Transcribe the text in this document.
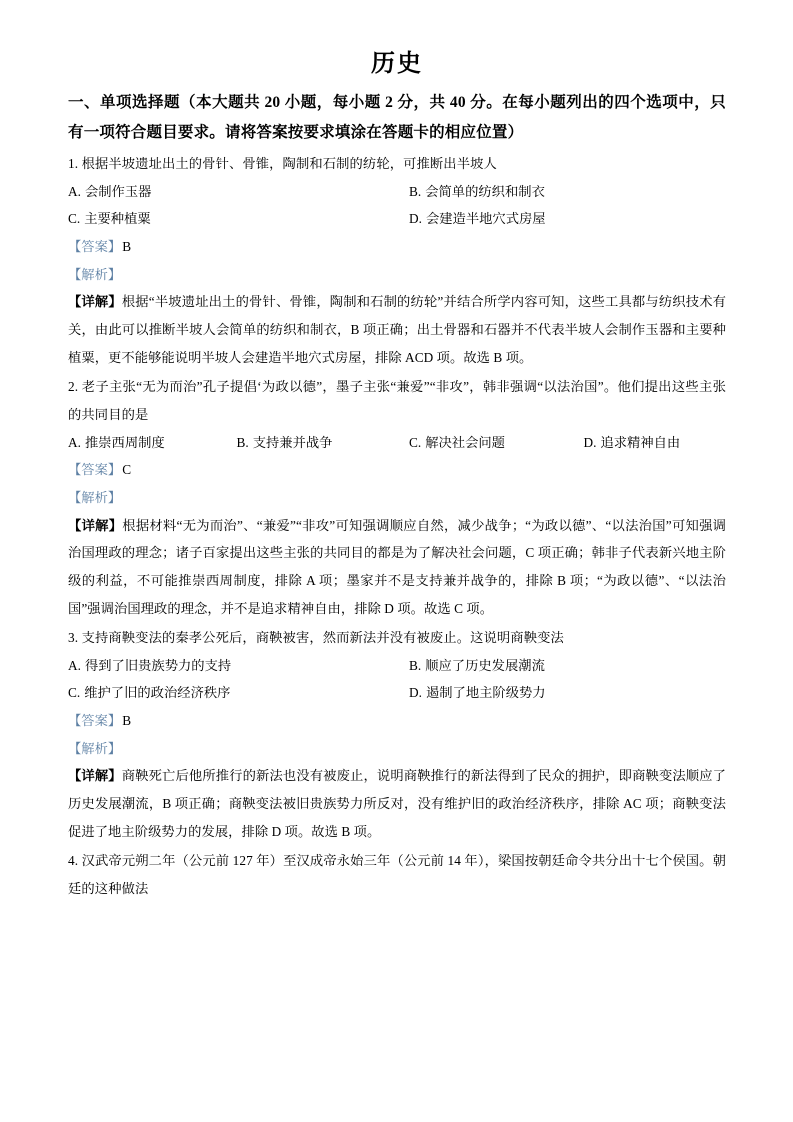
历史

一、单项选择题（本大题共 20 小题，每小题 2 分，共 40 分。在每小题列出的四个选项中，只有一项符合题目要求。请将答案按要求填涂在答题卡的相应位置）

1. 根据半坡遗址出土的骨针、骨锥，陶制和石制的纺轮，可推断出半坡人

A. 会制作玉器	B. 会简单的纺织和制衣
C. 主要种植粟	D. 会建造半地穴式房屋

【答案】B

【解析】

【详解】根据“半坡遗址出土的骨针、骨锥，陶制和石制的纺轮”并结合所学内容可知，这些工具都与纺织技术有关，由此可以推断半坡人会简单的纺织和制衣，B 项正确；出土骨器和石器并不代表半坡人会制作玉器和主要种植粟，更不能够能说明半坡人会建造半地穴式房屋，排除 ACD 项。故选 B 项。

2. 老子主张“无为而治”孔子提倡‘为政以德”，墨子主张“兼爱”“非攻”，韩非强调“以法治国”。他们提出这些主张的共同目的是

A. 推崇西周制度	B. 支持兼并战争	C. 解决社会问题	D. 追求精神自由

【答案】C

【解析】

【详解】根据材料“无为而治”、“兼爱”“非攻”可知强调顺应自然，减少战争；“为政以德”、“以法治国”可知强调治国理政的理念；诸子百家提出这些主张的共同目的都是为了解决社会问题，C 项正确；韩非子代表新兴地主阶级的利益，不可能推崇西周制度，排除 A 项；墨家并不是支持兼并战争的，排除 B 项；“为政以德”、“以法治国”强调治国理政的理念，并不是追求精神自由，排除 D 项。故选 C 项。

3. 支持商鞅变法的秦孝公死后，商鞅被害，然而新法并没有被废止。这说明商鞅变法

A. 得到了旧贵族势力的支持	B. 顺应了历史发展潮流
C. 维护了旧的政治经济秩序	D. 遏制了地主阶级势力

【答案】B

【解析】

【详解】商鞅死亡后他所推行的新法也没有被废止，说明商鞅推行的新法得到了民众的拥护，即商鞅变法顺应了历史发展潮流，B 项正确；商鞅变法被旧贵族势力所反对，没有维护旧的政治经济秩序，排除 AC 项；商鞅变法促进了地主阶级势力的发展，排除 D 项。故选 B 项。

4. 汉武帝元朔二年（公元前 127 年）至汉成帝永始三年（公元前 14 年），梁国按朝廷命令共分出十七个侯国。朝廷的这种做法
